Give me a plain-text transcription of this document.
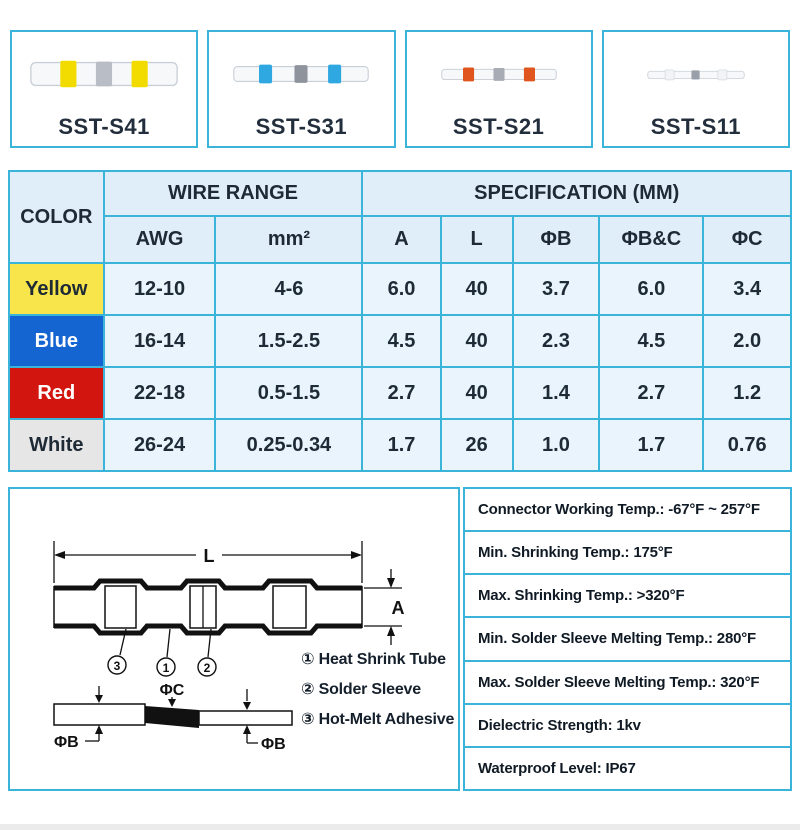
SST-S41	SST-S31	SST-S21	SST-S11
COLOR	WIRE RANGE		SPECIFICATION (MM)				
	AWG	mm²	A	L	ΦB	ΦB&C	ΦC
Yellow	12-10	4-6	6.0	40	3.7	6.0	3.4
Blue	16-14	1.5-2.5	4.5	40	2.3	4.5	2.0
Red	22-18	0.5-1.5	2.7	40	1.4	2.7	1.2
White	26-24	0.25-0.34	1.7	26	1.0	1.7	0.76
L
A
3	1	2
ΦC
ΦB	ΦB
① Heat Shrink Tube
② Solder Sleeve
③ Hot-Melt Adhesive
Connector Working Temp.: -67°F ~ 257°F
Min. Shrinking Temp.: 175°F
Max. Shrinking Temp.: >320°F
Min. Solder Sleeve Melting Temp.: 280°F
Max. Solder Sleeve Melting Temp.: 320°F
Dielectric Strength: 1kv
Waterproof Level: IP67
